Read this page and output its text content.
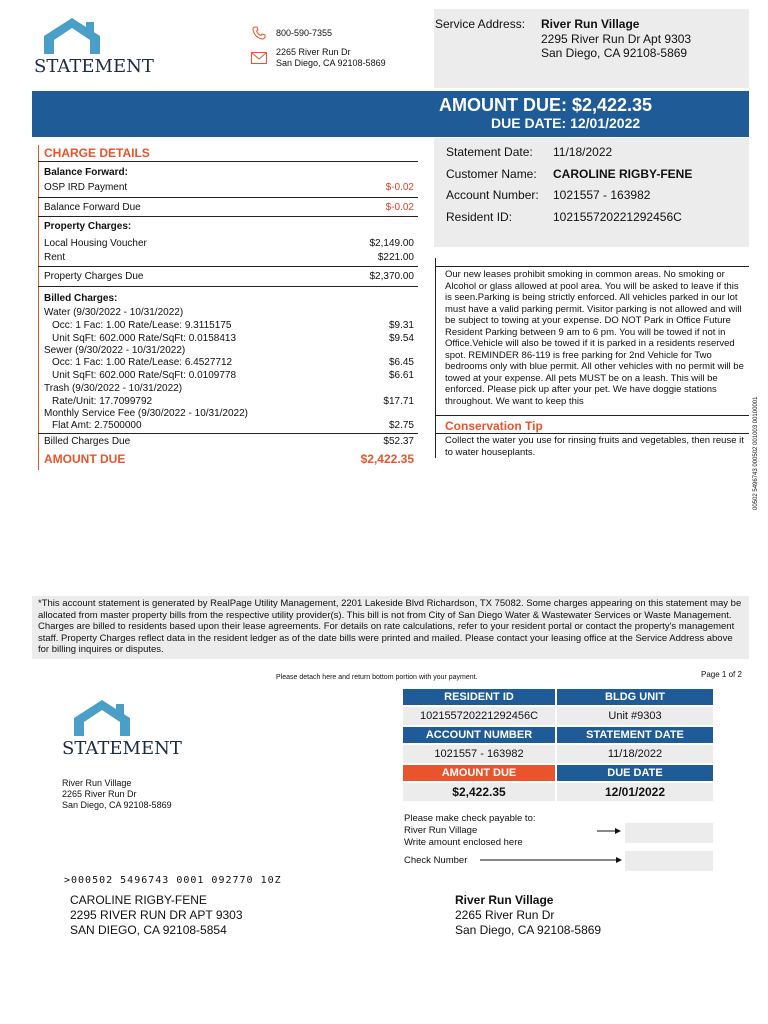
STATEMENT
800-590-7355
2265 River Run Dr
San Diego, CA 92108-5869
Service Address: River Run Village
2295 River Run Dr Apt 9303
San Diego, CA 92108-5869
AMOUNT DUE: $2,422.35
DUE DATE: 12/01/2022
Statement Date: 11/18/2022
Customer Name: CAROLINE RIGBY-FENE
Account Number: 1021557 - 163982
Resident ID:	102155720221292456C
CHARGE DETAILS
Balance Forward:
OSP IRD Payment	$-0.02
Balance Forward Due	$-0.02
Property Charges:
Local Housing Voucher	$2,149.00
Rent	$221.00
Property Charges Due	$2,370.00
Billed Charges:
Water (9/30/2022 - 10/31/2022)
Occ: 1 Fac: 1.00 Rate/Lease: 9.3115175	$9.31
Unit SqFt: 602.000 Rate/SqFt: 0.0158413	$9.54
Sewer (9/30/2022 - 10/31/2022)
Occ: 1 Fac: 1.00 Rate/Lease: 6.4527712	$6.45
Unit SqFt: 602.000 Rate/SqFt: 0.0109778	$6.61
Trash (9/30/2022 - 10/31/2022)
Rate/Unit: 17.7099792	$17.71
Monthly Service Fee (9/30/2022 - 10/31/2022)
Flat Amt: 2.7500000	$2.75
Billed Charges Due	$52.37
AMOUNT DUE	$2,422.35
Our new leases prohibit smoking in common areas. No smoking or Alcohol or glass allowed at pool area. You will be asked to leave if this is seen.Parking is being strictly enforced. All vehicles parked in our lot must have a valid parking permit. Visitor parking is not allowed and will be subject to towing at your expense. DO NOT Park in Office Future Resident Parking between 9 am to 6 pm. You will be towed if not in Office.Vehicle will also be towed if it is parked in a residents reserved spot. REMINDER 86-119 is free parking for 2nd Vehicle for Two bedrooms only with blue permit. All other vehicles with no permit will be towed at your expense. All pets MUST be on a leash. This will be enforced. Please pick up after your pet. We have doggie stations throughout. We want to keep this
Conservation Tip
Collect the water you use for rinsing fruits and vegetables, then reuse it to water houseplants.	00502 5496743 000502 001003 00100001
*This account statement is generated by RealPage Utility Management, 2201 Lakeside Blvd Richardson, TX 75082. Some charges appearing on this statement may be allocated from master property bills from the respective utility provider(s). This bill is not from City of San Diego Water & Wastewater Services or Waste Management. Charges are billed to residents based upon their lease agreements. For details on rate calculations, refer to your resident portal or contact the property's management staff. Property Charges reflect data in the resident ledger as of the date bills were printed and mailed. Please contact your leasing office at the Service Address above for billing inquires or disputes.
Please detach here and return bottom portion with your payment.	Page 1 of 2
STATEMENT
River Run Village
2265 River Run Dr
San Diego, CA 92108-5869
RESIDENT ID	BLDG UNIT
102155720221292456C	Unit #9303
ACCOUNT NUMBER	STATEMENT DATE
1021557 - 163982	11/18/2022
AMOUNT DUE	DUE DATE
$2,422.35	12/01/2022
Please make check payable to:
River Run Village
Write amount enclosed here
Check Number
>000502 5496743 0001 092770 10Z
CAROLINE RIGBY-FENE
2295 RIVER RUN DR APT 9303
SAN DIEGO, CA 92108-5854
River Run Village
2265 River Run Dr
San Diego, CA 92108-5869
